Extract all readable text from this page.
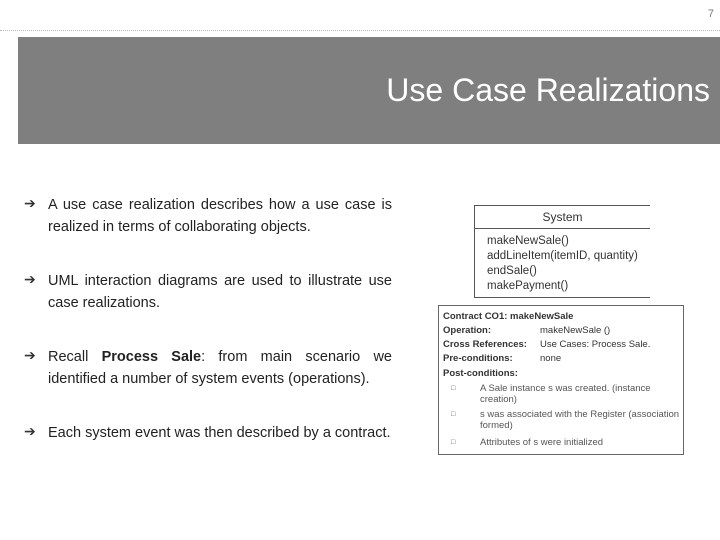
7
Use Case Realizations
➔ A use case realization describes how a use case is realized in terms of collaborating objects.
➔ UML interaction diagrams are used to illustrate use case realizations.
➔ Recall Process Sale: from main scenario we identified a number of system events (operations).
➔ Each system event was then described by a contract.
System
makeNewSale()
addLineItem(itemID, quantity)
endSale()
makePayment()
Contract CO1: makeNewSale
Operation:	makeNewSale ()
Cross References: Use Cases: Process Sale.
Pre-conditions:	none
Post-conditions:
□	A Sale instance s was created. (instance creation)
□	s was associated with the Register (association formed)
□	Attributes of s were initialized
